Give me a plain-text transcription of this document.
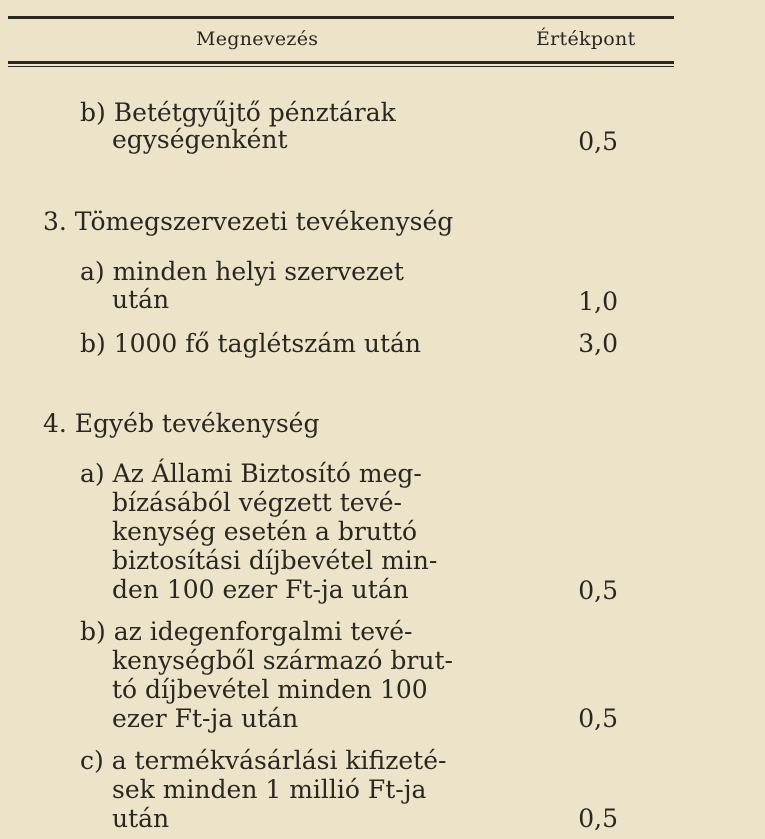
Megnevezés	Értékpont
b) Betétgyűjtő pénztárak
egységenként	0,5
3. Tömegszervezeti tevékenység
a) minden helyi szervezet
után	1,0
b) 1000 fő taglétszám után	3,0
4. Egyéb tevékenység
a) Az Állami Biztosító meg-
bízásából végzett tevé-
kenység esetén a bruttó
biztosítási díjbevétel min-
den 100 ezer Ft-ja után	0,5
b) az idegenforgalmi tevé-
kenységből származó brut-
tó díjbevétel minden 100
ezer Ft-ja után	0,5
c) a termékvásárlási kifizeté-
sek minden 1 millió Ft-ja
után	0,5
